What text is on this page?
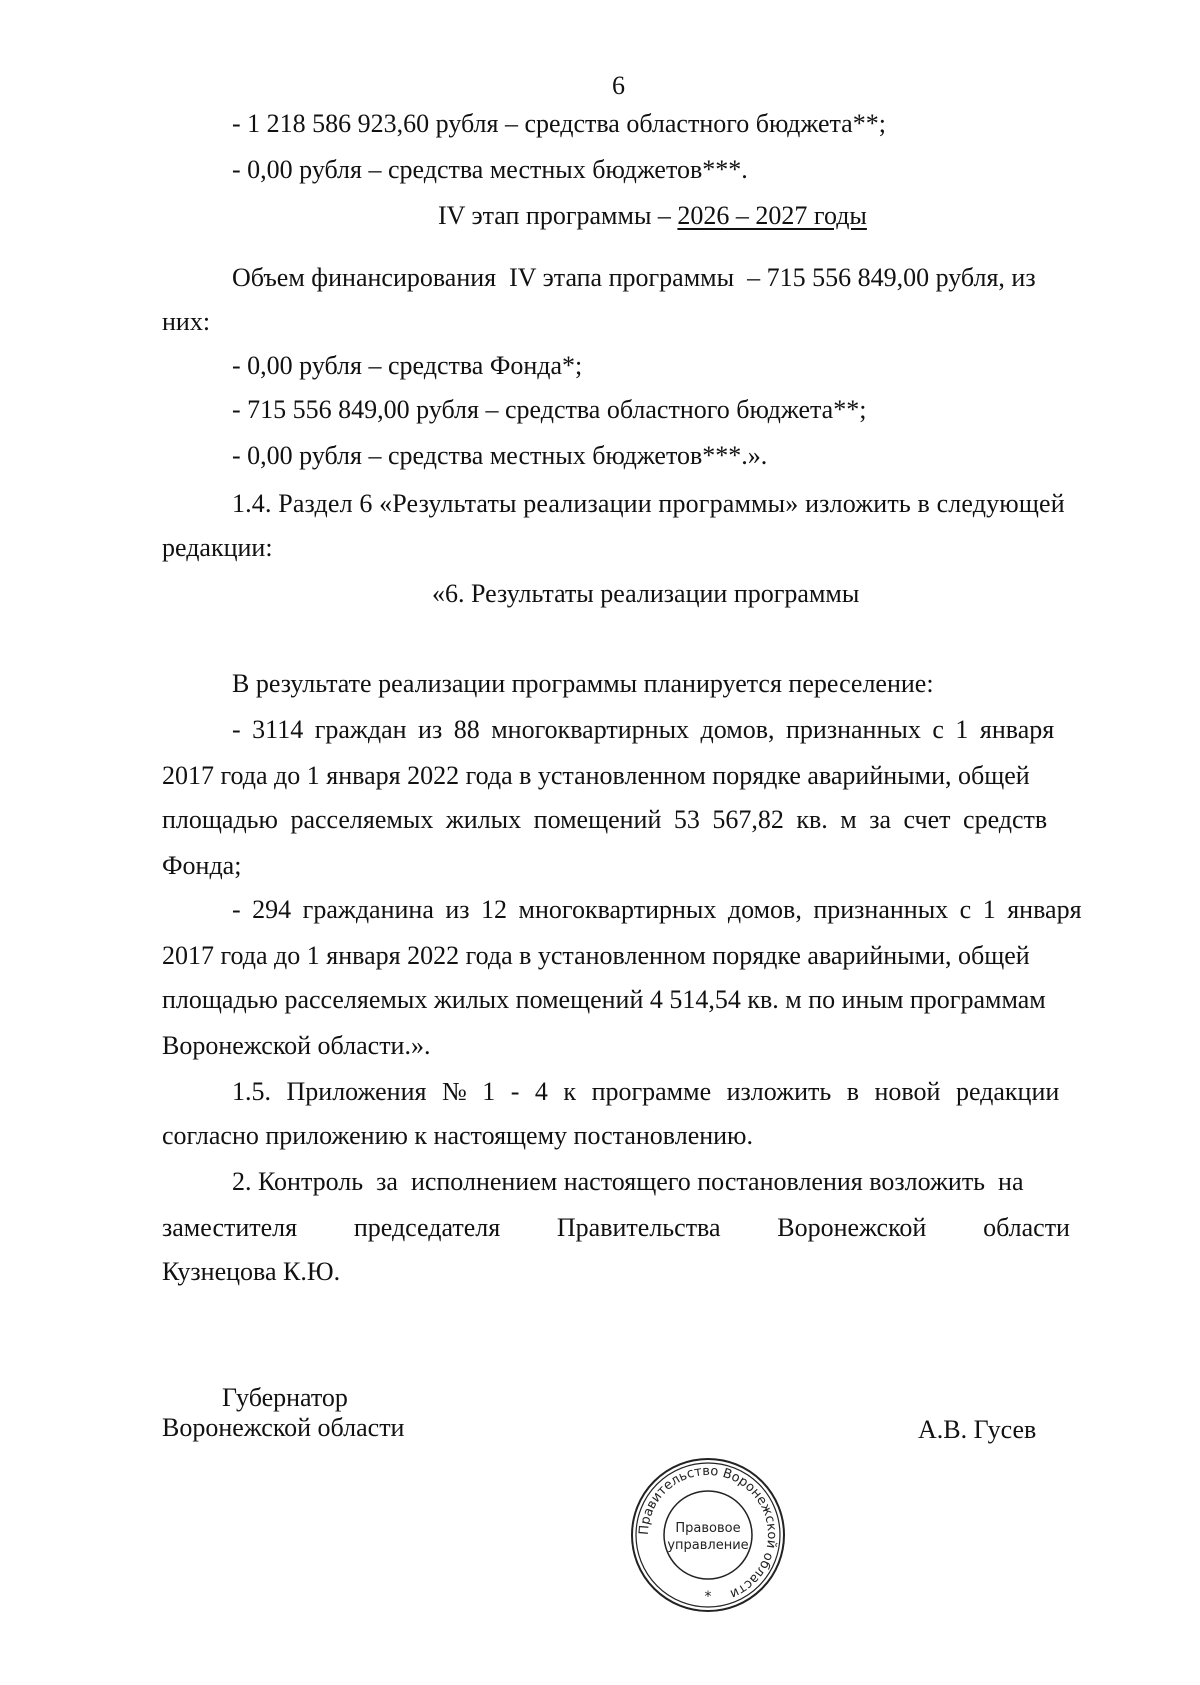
6
- 1 218 586 923,60 рубля – средства областного бюджета**;
- 0,00 рубля – средства местных бюджетов***.
IV этап программы – 2026 – 2027 годы
Объем финансирования  IV этапа программы  – 715 556 849,00 рубля, из
них:
- 0,00 рубля – средства Фонда*;
- 715 556 849,00 рубля – средства областного бюджета**;
- 0,00 рубля – средства местных бюджетов***.».
1.4. Раздел 6 «Результаты реализации программы» изложить в следующей
редакции:
«6. Результаты реализации программы
В результате реализации программы планируется переселение:
- 3114 граждан из 88 многоквартирных домов, признанных с 1 января
2017 года до 1 января 2022 года в установленном порядке аварийными, общей
площадью расселяемых жилых помещений 53 567,82 кв. м за счет средств
Фонда;
- 294 гражданина из 12 многоквартирных домов, признанных с 1 января
2017 года до 1 января 2022 года в установленном порядке аварийными, общей
площадью расселяемых жилых помещений 4 514,54 кв. м по иным программам
Воронежской области.».
1.5. Приложения № 1 - 4 к программе изложить в новой редакции
согласно приложению к настоящему постановлению.
2. Контроль  за  исполнением настоящего постановления возложить  на
заместителя председателя Правительства Воронежской области
Кузнецова К.Ю.
Губернатор
Воронежской области	А.В. Гусев
Правительство Воронежской области
Правовое
управление
*
